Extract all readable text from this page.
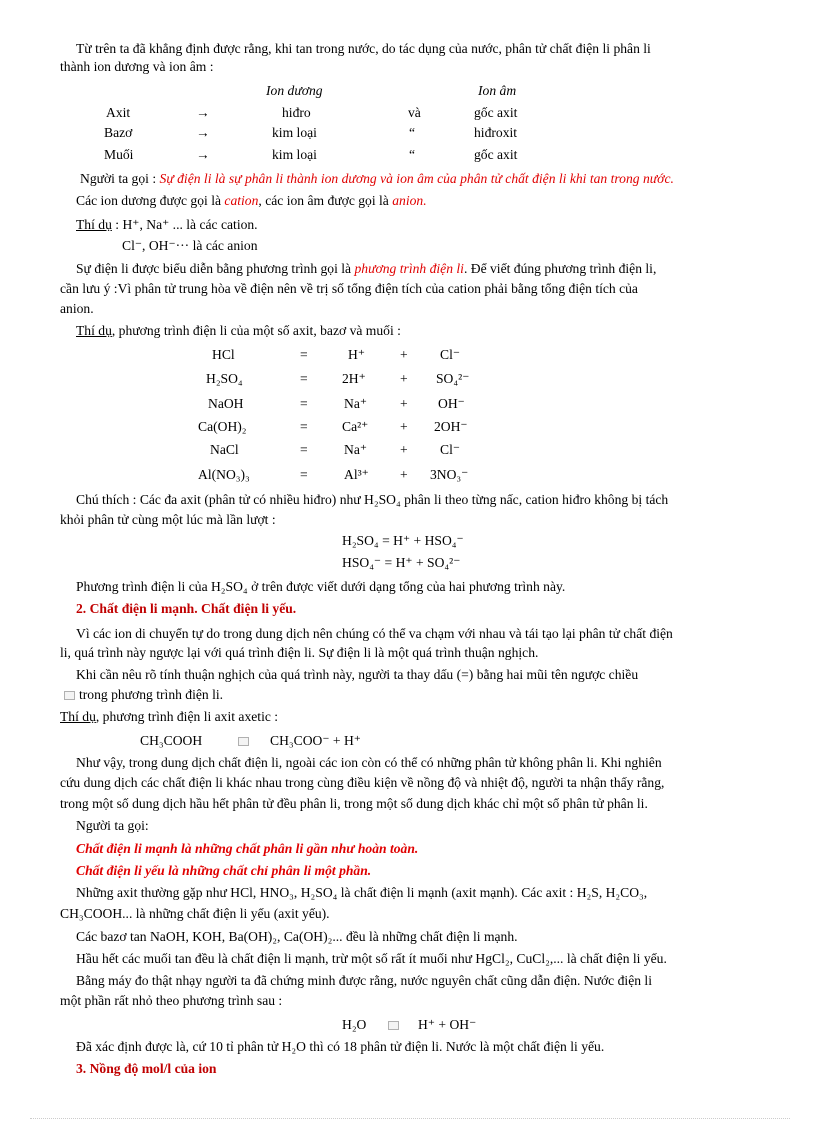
Từ trên ta đã khẳng định được rằng, khi tan trong nước, do tác dụng của nước, phân tử chất điện li phân li
thành ion dương và ion âm :
Ion dương	Ion âm
Axit	→	hiđro	và	gốc axit
Bazơ	→	kim loại	“	hiđroxit
Muối	→	kim loại	“	gốc axit
Người ta gọi : Sự điện li là sự phân li thành ion dương và ion âm của phân tử chất điện li khi tan trong nước.
Các ion dương được gọi là cation, các ion âm được gọi là anion.
Thí dụ : H⁺, Na⁺ ... là các cation.
Cl⁻, OH⁻··· là các anion
Sự điện li được biểu diễn bằng phương trình gọi là phương trình điện li. Để viết đúng phương trình điện li,
cần lưu ý :Vì phân tử trung hòa về điện nên về trị số tổng điện tích của cation phải bằng tổng điện tích của
anion.
Thí dụ, phương trình điện li của một số axit, bazơ và muối :
HCl	=	H⁺	+ Cl⁻
H₂SO₄	=	2H⁺	+ SO₄²⁻
NaOH	=	Na⁺ + OH⁻
Ca(OH)₂	=	Ca²⁺ + 2OH⁻
NaCl	=	Na⁺ + Cl⁻
Al(NO₃)₃	=	Al³⁺ + 3NO₃⁻
Chú thích : Các đa axit (phân tử có nhiều hiđro) như H₂SO₄ phân li theo từng nấc, cation hiđro không bị tách
khỏi phân tử cùng một lúc mà lần lượt :
H₂SO₄ = H⁺ + HSO₄⁻
HSO₄⁻ = H⁺ + SO₄²⁻
Phương trình điện li của H₂SO₄ ở trên được viết dưới dạng tổng của hai phương trình này.
2. Chất điện li mạnh. Chất điện li yếu.
Vì các ion di chuyển tự do trong dung dịch nên chúng có thể va chạm với nhau và tái tạo lại phân tử chất điện
li, quá trình này ngược lại với quá trình điện li. Sự điện li là một quá trình thuận nghịch.
Khi cần nêu rõ tính thuận nghịch của quá trình này, người ta thay dấu (=) bằng hai mũi tên ngược chiều
trong phương trình điện li.
Thí dụ, phương trình điện li axit axetic :
CH₃COOH	CH₃COO⁻ + H⁺
Như vậy, trong dung dịch chất điện li, ngoài các ion còn có thể có những phân tử không phân li. Khi nghiên
cứu dung dịch các chất điện li khác nhau trong cùng điều kiện về nồng độ và nhiệt độ, người ta nhận thấy rằng,
trong một số dung dịch hầu hết phân tử đều phân li, trong một số dung dịch khác chỉ một số phân tử phân li.
Người ta gọi:
Chất điện li mạnh là những chất phân li gần như hoàn toàn.
Chất điện li yếu là những chất chỉ phân li một phần.
Những axit thường gặp như HCl, HNO₃, H₂SO₄ là chất điện li mạnh (axit mạnh). Các axit : H₂S, H₂CO₃,
CH₃COOH... là những chất điện li yếu (axit yếu).
Các bazơ tan NaOH, KOH, Ba(OH)₂, Ca(OH)₂... đều là những chất điện li mạnh.
Hầu hết các muối tan đều là chất điện li mạnh, trừ một số rất ít muối như HgCl₂, CuCl₂,... là chất điện li yếu.
Bằng máy đo thật nhạy người ta đã chứng minh được rằng, nước nguyên chất cũng dẫn điện. Nước điện li
một phần rất nhỏ theo phương trình sau :
H₂O	H⁺ + OH⁻
Đã xác định được là, cứ 10 tỉ phân tử H₂O thì có 18 phân tử điện li. Nước là một chất điện li yếu.
3. Nồng độ mol/l của ion
